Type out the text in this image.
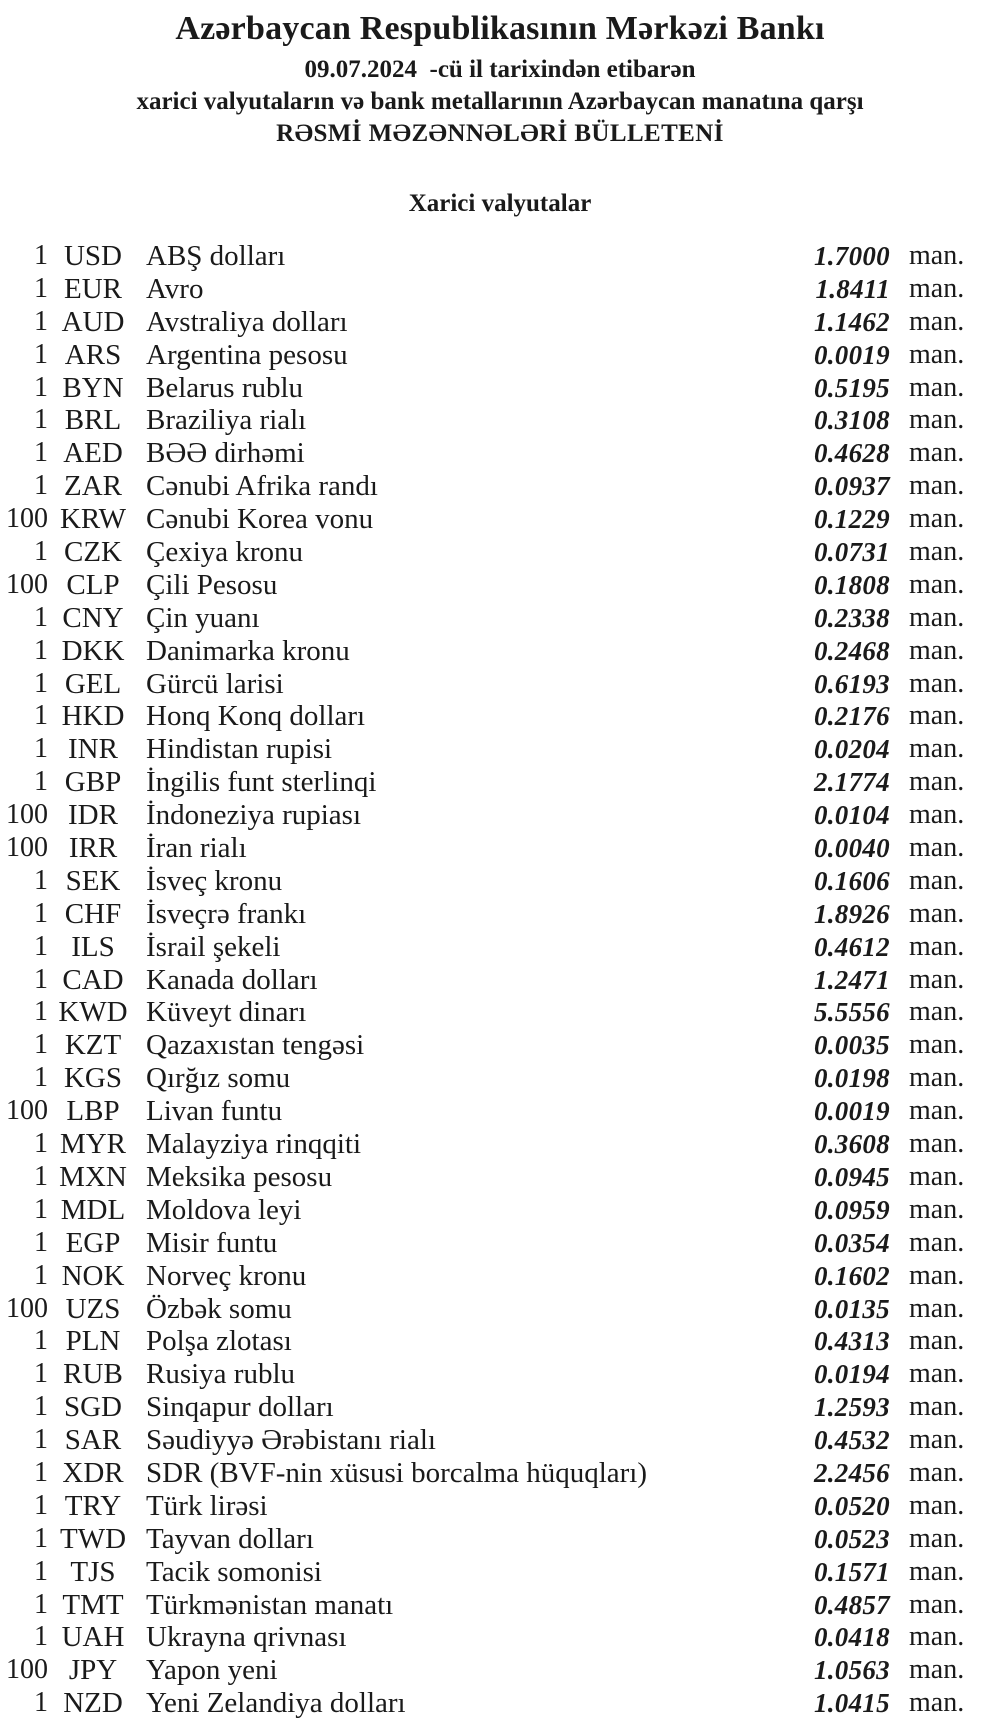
Azərbaycan Respublikasının Mərkəzi Bankı
09.07.2024  -cü il tarixindən etibarən
xarici valyutaların və bank metallarının Azərbaycan manatına qarşı
RƏSMİ MƏZƏNNƏLƏRİ BÜLLETENİ
Xarici valyutalar
1 USD ABŞ dolları	1.7000 man.
1 EUR Avro	1.8411 man.
1 AUD Avstraliya dolları	1.1462 man.
1 ARS Argentina pesosu	0.0019 man.
1 BYN Belarus rublu	0.5195 man.
1 BRL Braziliya rialı	0.3108 man.
1 AED BƏƏ dirhəmi	0.4628 man.
1 ZAR Cənubi Afrika randı	0.0937 man.
100 KRW Cənubi Korea vonu	0.1229 man.
1 CZK Çexiya kronu	0.0731 man.
100 CLP Çili Pesosu	0.1808 man.
1 CNY Çin yuanı	0.2338 man.
1 DKK Danimarka kronu	0.2468 man.
1 GEL Gürcü larisi	0.6193 man.
1 HKD Honq Konq dolları	0.2176 man.
1 INR Hindistan rupisi	0.0204 man.
1 GBP İngilis funt sterlinqi	2.1774 man.
100 IDR İndoneziya rupiası	0.0104 man.
100 IRR İran rialı	0.0040 man.
1 SEK İsveç kronu	0.1606 man.
1 CHF İsveçrə frankı	1.8926 man.
1 ILS	İsrail şekeli	0.4612 man.
1 CAD Kanada dolları	1.2471 man.
1 KWD Küveyt dinarı	5.5556 man.
1 KZT Qazaxıstan tengəsi	0.0035 man.
1 KGS Qırğız somu	0.0198 man.
100 LBP Livan funtu	0.0019 man.
1 MYR Malayziya rinqqiti	0.3608 man.
1 MXN Meksika pesosu	0.0945 man.
1 MDL Moldova leyi	0.0959 man.
1 EGP Misir funtu	0.0354 man.
1 NOK Norveç kronu	0.1602 man.
100 UZS Özbək somu	0.0135 man.
1 PLN Polşa zlotası	0.4313 man.
1 RUB Rusiya rublu	0.0194 man.
1 SGD Sinqapur dolları	1.2593 man.
1 SAR Səudiyyə Ərəbistanı rialı	0.4532 man.
1 XDR SDR (BVF-nin xüsusi borcalma hüquqları)	2.2456 man.
1 TRY Türk lirəsi	0.0520 man.
1 TWD Tayvan dolları	0.0523 man.
1 TJS	Tacik somonisi	0.1571 man.
1 TMT Türkmənistan manatı	0.4857 man.
1 UAH Ukrayna qrivnası	0.0418 man.
100 JPY Yapon yeni	1.0563 man.
1 NZD Yeni Zelandiya dolları	1.0415 man.
